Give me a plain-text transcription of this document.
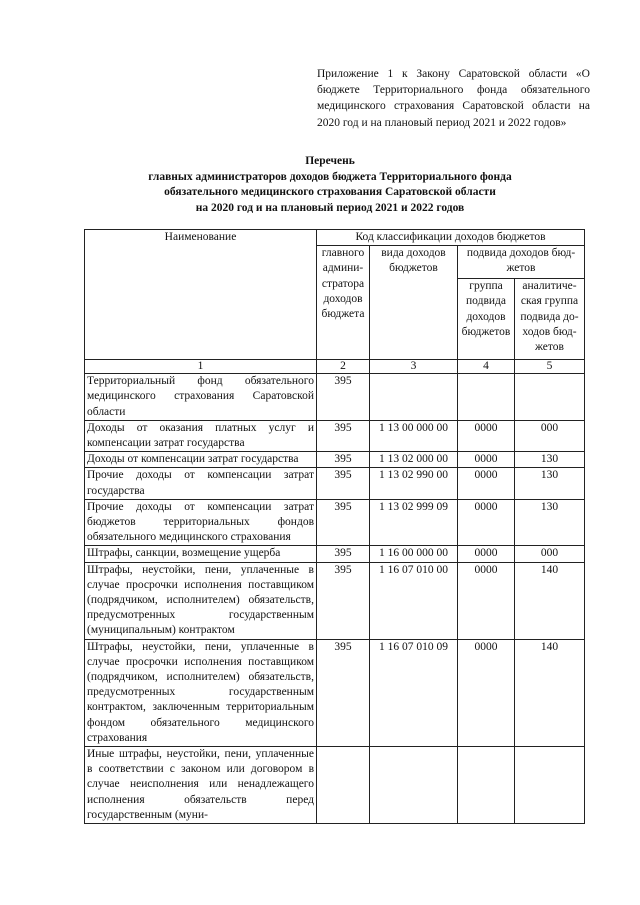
Приложение 1 к Закону Саратовской области «О бюджете Территориального фонда обязательного медицинского страхования Саратовской области на 2020 год и на плановый период 2021 и 2022 годов»
Перечень
главных администраторов доходов бюджета Территориального фонда
обязательного медицинского страхования Саратовской области
на 2020 год и на плановый период 2021 и 2022 годов
Наименование	Код классификации доходов бюджетов			
	главного администратора доходов бюджета	вида доходов бюджетов	подвида доходов бюджетов	
			группа подвида доходов бюджетов	аналитическая группа подвида доходов бюджетов
1	2	3	4	5
Территориальный фонд обязательного медицинского страхования Саратовской области	395			
Доходы от оказания платных услуг и компенсации затрат государства	395	1 13 00 000 00	0000	000
Доходы от компенсации затрат государства	395	1 13 02 000 00	0000	130
Прочие доходы от компенсации затрат государства	395	1 13 02 990 00	0000	130
Прочие доходы от компенсации затрат бюджетов территориальных фондов обязательного медицинского страхования	395	1 13 02 999 09	0000	130
Штрафы, санкции, возмещение ущерба	395	1 16 00 000 00	0000	000
Штрафы, неустойки, пени, уплаченные в случае просрочки исполнения поставщиком (подрядчиком, исполнителем) обязательств, предусмотренных государственным (муниципальным) контрактом	395	1 16 07 010 00	0000	140
Штрафы, неустойки, пени, уплаченные в случае просрочки исполнения поставщиком (подрядчиком, исполнителем) обязательств, предусмотренных государственным контрактом, заключенным территориальным фондом обязательного медицинского страхования	395	1 16 07 010 09	0000	140
Иные штрафы, неустойки, пени, уплаченные в соответствии с законом или договором в случае неисполнения или ненадлежащего исполнения обязательств перед государственным (муни-				
